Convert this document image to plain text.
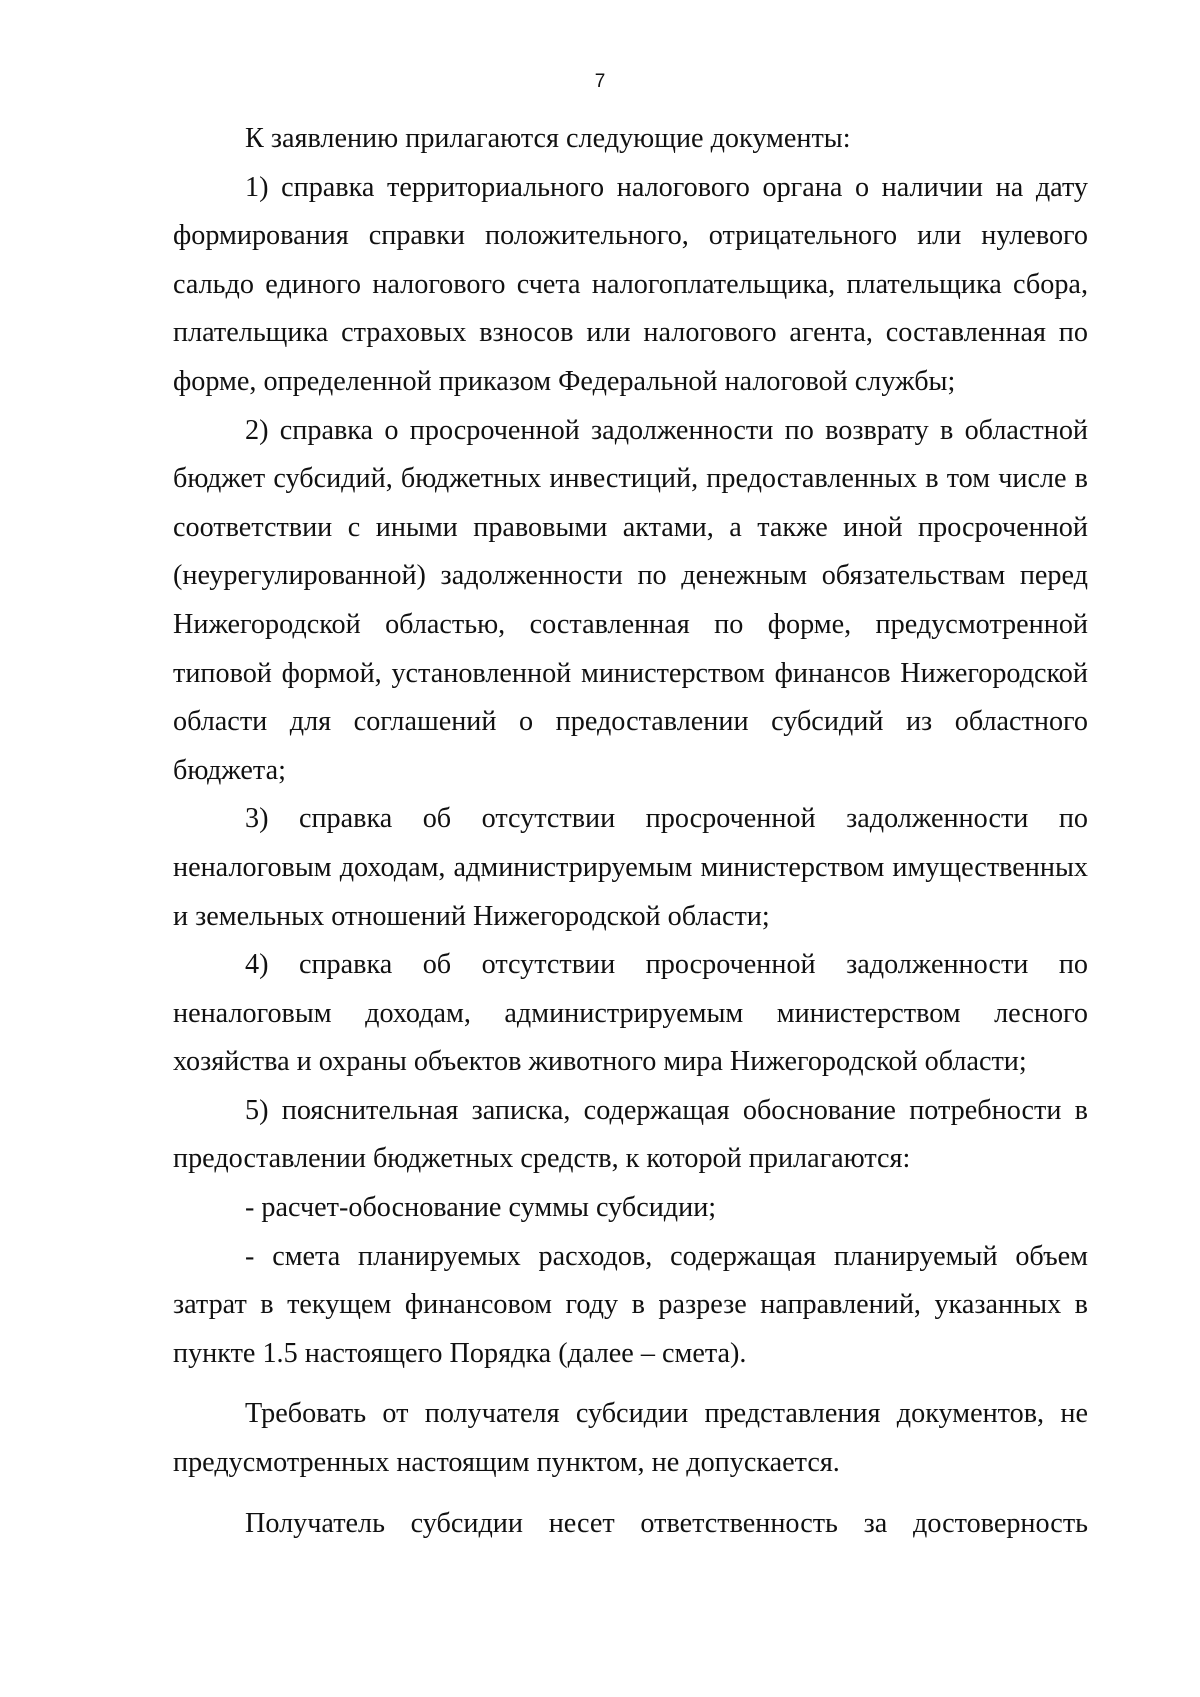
7

К заявлению прилагаются следующие документы:

1) справка территориального налогового органа о наличии на дату формирования справки положительного, отрицательного или нулевого сальдо единого налогового счета налогоплательщика, плательщика сбора, плательщика страховых взносов или налогового агента, составленная по форме, определенной приказом Федеральной налоговой службы;

2) справка о просроченной задолженности по возврату в областной бюджет субсидий, бюджетных инвестиций, предоставленных в том числе в соответствии с иными правовыми актами, а также иной просроченной (неурегулированной) задолженности по денежным обязательствам перед Нижегородской областью, составленная по форме, предусмотренной типовой формой, установленной министерством финансов Нижегородской области для соглашений о предоставлении субсидий из областного бюджета;

3) справка об отсутствии просроченной задолженности по неналоговым доходам, администрируемым министерством имущественных и земельных отношений Нижегородской области;

4) справка об отсутствии просроченной задолженности по неналоговым доходам, администрируемым министерством лесного хозяйства и охраны объектов животного мира Нижегородской области;

5) пояснительная записка, содержащая обоснование потребности в предоставлении бюджетных средств, к которой прилагаются:

- расчет-обоснование суммы субсидии;

- смета планируемых расходов, содержащая планируемый объем затрат в текущем финансовом году в разрезе направлений, указанных в пункте 1.5 настоящего Порядка (далее – смета).

Требовать от получателя субсидии представления документов, не предусмотренных настоящим пунктом, не допускается.

Получатель субсидии несет ответственность за достоверность
